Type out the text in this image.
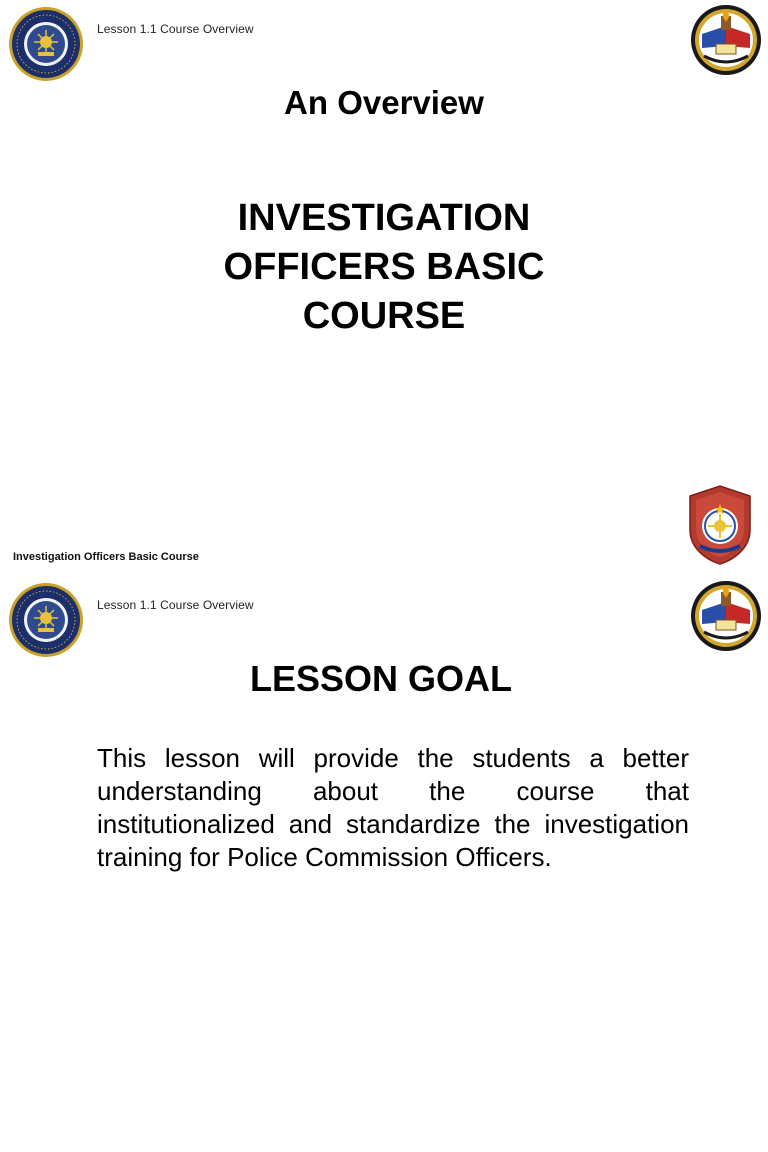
Lesson 1.1 Course Overview
An Overview
INVESTIGATION
OFFICERS BASIC
COURSE
Investigation Officers Basic Course
Lesson 1.1 Course Overview
LESSON GOAL
This lesson will provide the students a better understanding about the course that institutionalized and standardize the investigation training for Police Commission Officers.
